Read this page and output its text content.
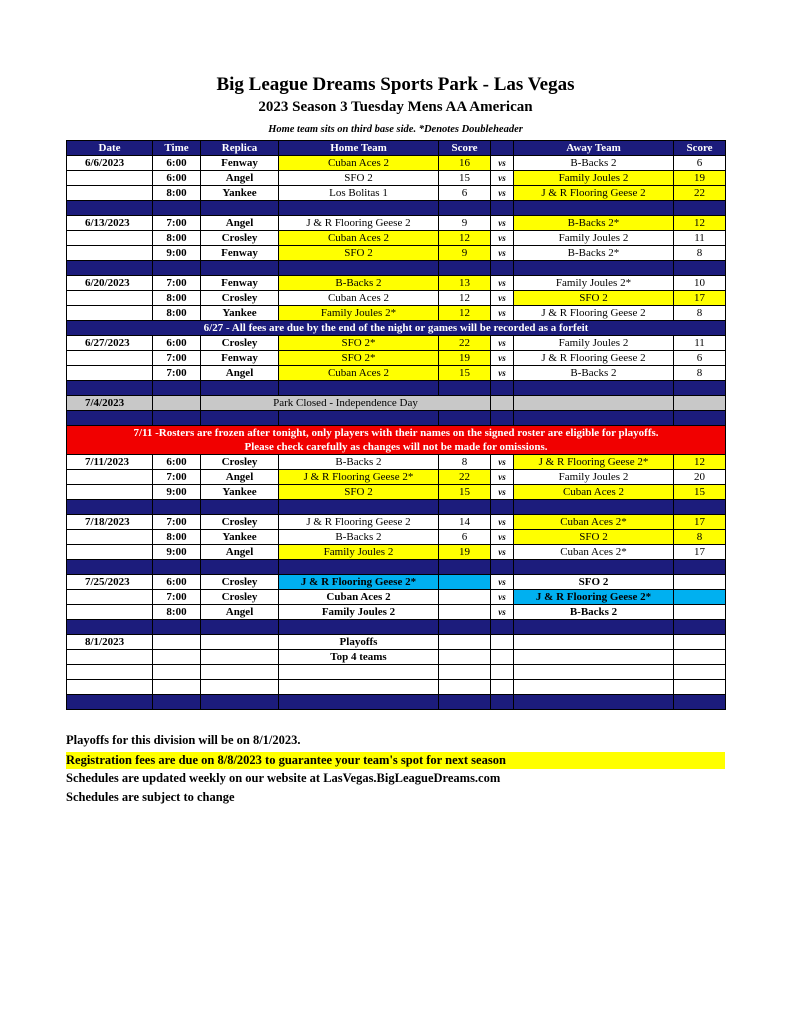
Big League Dreams Sports Park - Las Vegas
2023 Season 3 Tuesday Mens AA American
Home team sits on third base side. *Denotes Doubleheader
Date	Time	Replica	Home Team	Score		Away Team	Score
6/6/2023	6:00	Fenway	Cuban Aces 2	16	vs	B-Backs 2	6
	6:00	Angel	SFO 2	15	vs	Family Joules 2	19
	8:00	Yankee	Los Bolitas 1	6	vs	J & R Flooring Geese 2	22

6/13/2023	7:00	Angel	J & R Flooring Geese 2	9	vs	B-Backs 2*	12
	8:00	Crosley	Cuban Aces 2	12	vs	Family Joules 2	11
	9:00	Fenway	SFO 2	9	vs	B-Backs 2*	8

6/20/2023	7:00	Fenway	B-Backs 2	13	vs	Family Joules 2*	10
	8:00	Crosley	Cuban Aces 2	12	vs	SFO 2	17
	8:00	Yankee	Family Joules 2*	12	vs	J & R Flooring Geese 2	8
6/27 - All fees are due by the end of the night or games will be recorded as a forfeit							
6/27/2023	6:00	Crosley	SFO 2*	22	vs	Family Joules 2	11
	7:00	Fenway	SFO 2*	19	vs	J & R Flooring Geese 2	6
	7:00	Angel	Cuban Aces 2	15	vs	B-Backs 2	8

7/4/2023		Park Closed - Independence Day					

7/11 -Rosters are frozen after tonight, only players with their names on the signed roster are eligible for playoffs.
Please check carefully as changes will not be made for omissions.							

7/11/2023	6:00	Crosley	B-Backs 2	8	vs	J & R Flooring Geese 2*	12
	7:00	Angel	J & R Flooring Geese 2*	22	vs	Family Joules 2	20
	9:00	Yankee	SFO 2	15	vs	Cuban Aces 2	15

7/18/2023	7:00	Crosley	J & R Flooring Geese 2	14	vs	Cuban Aces 2*	17
	8:00	Yankee	B-Backs 2	6	vs	SFO 2	8
	9:00	Angel	Family Joules 2	19	vs	Cuban Aces 2*	17

7/25/2023	6:00	Crosley	J & R Flooring Geese 2*		vs	SFO 2	
	7:00	Crosley	Cuban Aces 2		vs	J & R Flooring Geese 2*	
	8:00	Angel	Family Joules 2		vs	B-Backs 2	

8/1/2023			Playoffs				
			Top 4 teams				

Playoffs for this division will be on 8/1/2023.
Registration fees are due on 8/8/2023 to guarantee your team's spot for next season
Schedules are updated weekly on our website at LasVegas.BigLeagueDreams.com
Schedules are subject to change
